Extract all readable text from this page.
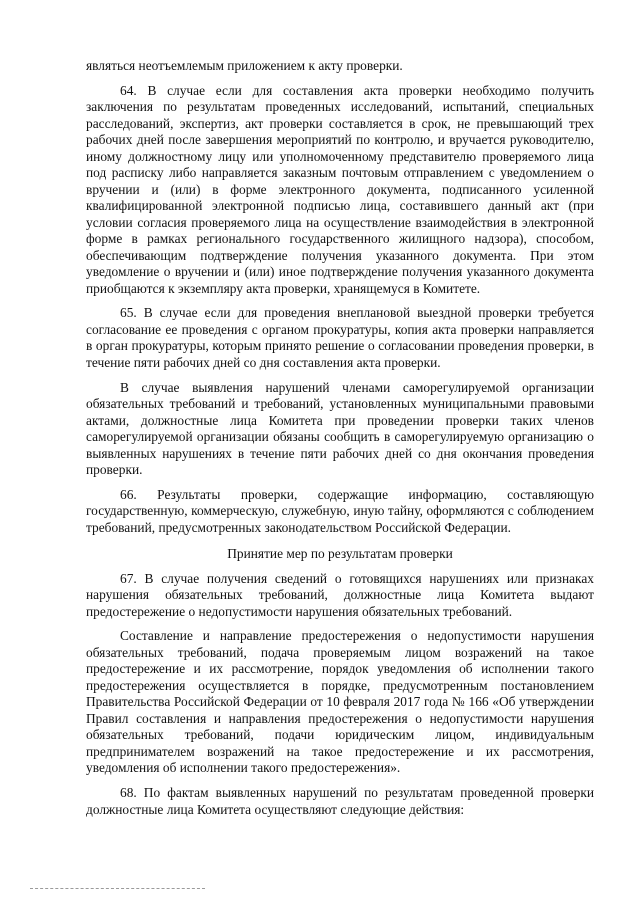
являться неотъемлемым приложением к акту проверки.

64. В случае если для составления акта проверки необходимо получить заключения по результатам проведенных исследований, испытаний, специальных расследований, экспертиз, акт проверки составляется в срок, не превышающий трех рабочих дней после завершения мероприятий по контролю, и вручается руководителю, иному должностному лицу или уполномоченному представителю проверяемого лица под расписку либо направляется заказным почтовым отправлением с уведомлением о вручении и (или) в форме электронного документа, подписанного усиленной квалифицированной электронной подписью лица, составившего данный акт (при условии согласия проверяемого лица на осуществление взаимодействия в электронной форме в рамках регионального государственного жилищного надзора), способом, обеспечивающим подтверждение получения указанного документа. При этом уведомление о вручении и (или) иное подтверждение получения указанного документа приобщаются к экземпляру акта проверки, хранящемуся в Комитете.

65. В случае если для проведения внеплановой выездной проверки требуется согласование ее проведения с органом прокуратуры, копия акта проверки направляется в орган прокуратуры, которым принято решение о согласовании проведения проверки, в течение пяти рабочих дней со дня составления акта проверки.

В случае выявления нарушений членами саморегулируемой организации обязательных требований и требований, установленных муниципальными правовыми актами, должностные лица Комитета при проведении проверки таких членов саморегулируемой организации обязаны сообщить в саморегулируемую организацию о выявленных нарушениях в течение пяти рабочих дней со дня окончания проведения проверки.

66. Результаты проверки, содержащие информацию, составляющую государственную, коммерческую, служебную, иную тайну, оформляются с соблюдением требований, предусмотренных законодательством Российской Федерации.

Принятие мер по результатам проверки

67. В случае получения сведений о готовящихся нарушениях или признаках нарушения обязательных требований, должностные лица Комитета выдают предостережение о недопустимости нарушения обязательных требований.

Составление и направление предостережения о недопустимости нарушения обязательных требований, подача проверяемым лицом возражений на такое предостережение и их рассмотрение, порядок уведомления об исполнении такого предостережения осуществляется в порядке, предусмотренным постановлением Правительства Российской Федерации от 10 февраля 2017 года № 166 «Об утверждении Правил составления и направления предостережения о недопустимости нарушения обязательных требований, подачи юридическим лицом, индивидуальным предпринимателем возражений на такое предостережение и их рассмотрения, уведомления об исполнении такого предостережения».

68. По фактам выявленных нарушений по результатам проведенной проверки должностные лица Комитета осуществляют следующие действия:
